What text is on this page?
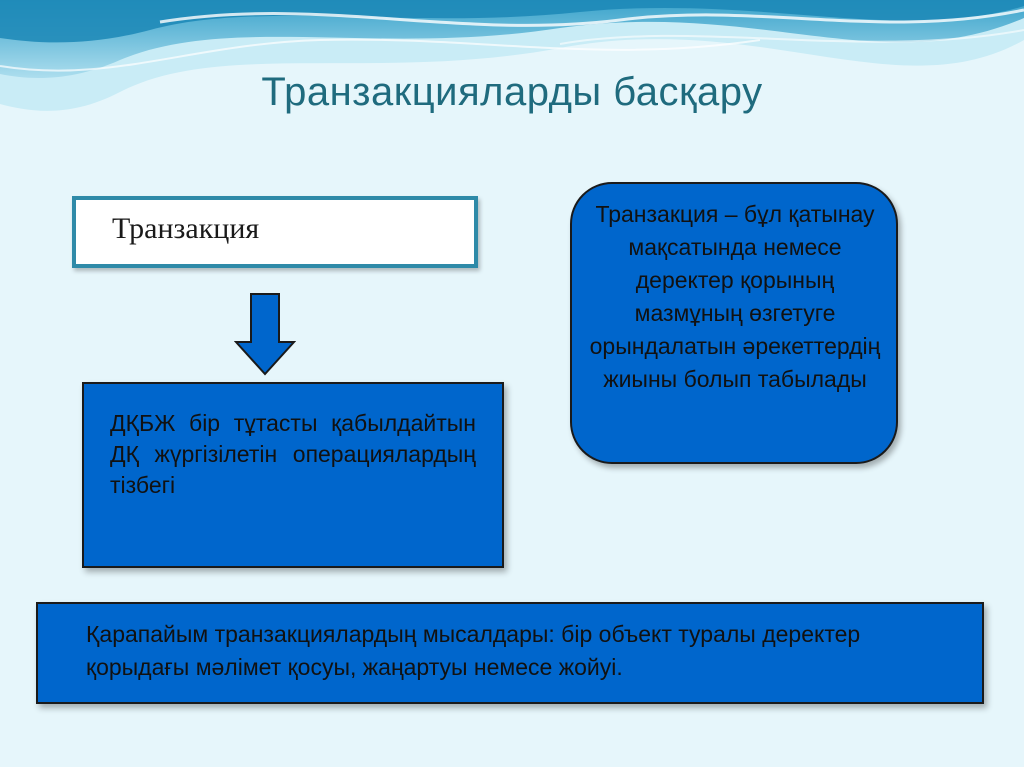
Транзакцияларды басқару
Транзакция
ДҚБЖ бір тұтасты қабылдайтын ДҚ жүргізілетін операциялардың тізбегі
Транзакция – бұл қатынау мақсатында немесе деректер қорының мазмұның өзгетуге орындалатын әрекеттердің жиыны болып табылады
Қарапайым транзакциялардың мысалдары: бір объект туралы деректер қорыдағы мәлімет қосуы, жаңартуы немесе жойуі.
